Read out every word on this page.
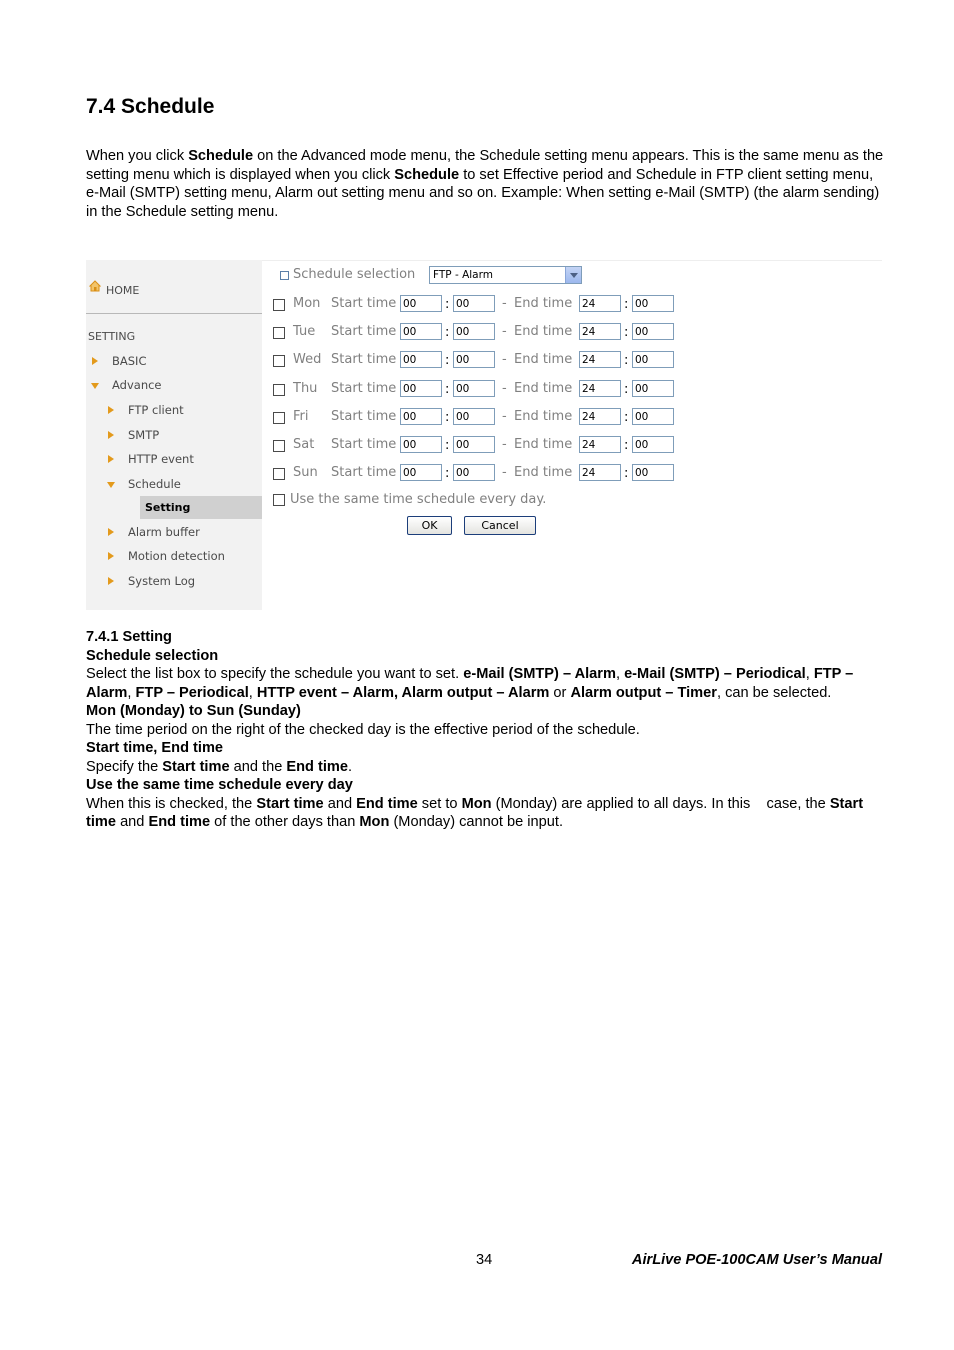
7.4 Schedule
When you click Schedule on the Advanced mode menu, the Schedule setting menu appears. This is the same menu as the setting menu which is displayed when you click Schedule to set Effective period and Schedule in FTP client setting menu, e-Mail (SMTP) setting menu, Alarm out setting menu and so on. Example: When setting e-Mail (SMTP) (the alarm sending) in the Schedule setting menu.
HOME
SETTING
BASIC
Advance
FTP client
SMTP
HTTP event
Schedule
Setting
Alarm buffer
Motion detection
System Log
Schedule selection	FTP - Alarm
Mon Start time 00	: 00	- End time 24	: 00
Tue Start time 00	: 00	- End time 24	: 00
Wed Start time 00	: 00	- End time 24	: 00
Thu Start time 00	: 00	- End time 24	: 00
Fri Start time 00	: 00	- End time 24	: 00
Sat Start time 00	: 00	- End time 24	: 00
Sun Start time 00	: 00	- End time 24	: 00
Use the same time schedule every day.
OK	Cancel
7.4.1 Setting
Schedule selection
Select the list box to specify the schedule you want to set. e-Mail (SMTP) – Alarm, e-Mail (SMTP) – Periodical, FTP – Alarm, FTP – Periodical, HTTP event – Alarm, Alarm output – Alarm or Alarm output – Timer, can be selected.
Mon (Monday) to Sun (Sunday)
The time period on the right of the checked day is the effective period of the schedule.
Start time, End time
Specify the Start time and the End time.
Use the same time schedule every day
When this is checked, the Start time and End time set to Mon (Monday) are applied to all days. In this    case, the Start time and End time of the other days than Mon (Monday) cannot be input.
34	AirLive POE-100CAM User’s Manual
